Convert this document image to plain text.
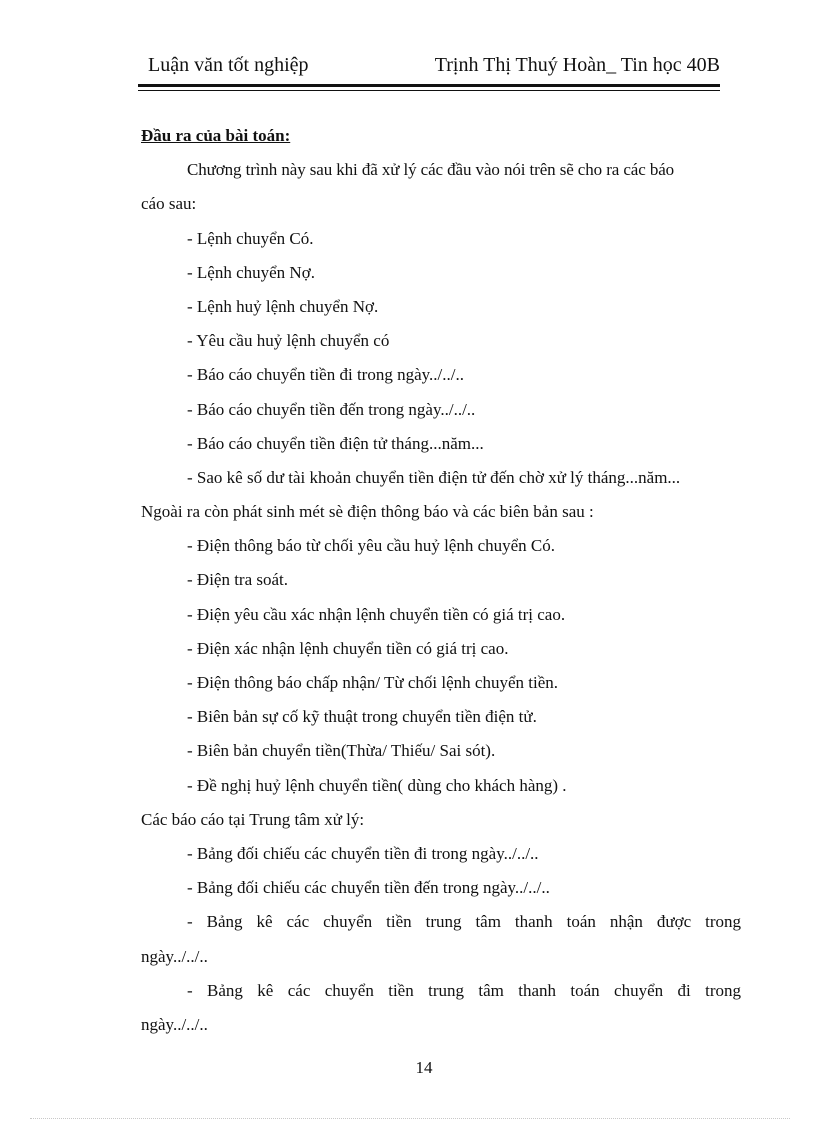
Luận văn tốt nghiệp	Trịnh Thị Thuý Hoàn_ Tin học 40B
Đầu ra của bài toán:
Chương trình này sau khi đã xử lý các đầu vào nói trên sẽ cho ra các báo
cáo sau:
- Lệnh chuyển Có.
- Lệnh chuyển Nợ.
- Lệnh huỷ lệnh chuyển Nợ.
- Yêu cầu huỷ lệnh chuyển có
- Báo cáo chuyển tiền đi trong ngày../../..
- Báo cáo chuyển tiền đến trong ngày../../..
- Báo cáo chuyển tiền điện tử tháng...năm...
- Sao kê số dư tài khoản chuyển tiền điện tử đến chờ xử lý tháng...năm...
Ngoài ra còn phát sinh mét sè điện thông báo và các biên bản sau :
- Điện thông báo từ chối yêu cầu huỷ lệnh chuyển Có.
- Điện tra soát.
- Điện yêu cầu xác nhận lệnh chuyển tiền có giá trị cao.
- Điện xác nhận lệnh chuyển tiền có giá trị cao.
- Điện thông báo chấp nhận/ Từ chối lệnh chuyển tiền.
- Biên bản sự cố kỹ thuật trong chuyển tiền điện tử.
- Biên bản chuyển tiền(Thừa/ Thiếu/ Sai sót).
- Đề nghị huỷ lệnh chuyển tiền( dùng cho khách hàng) .
Các báo cáo tại Trung tâm xử lý:
- Bảng đối chiếu các chuyển tiền đi trong ngày../../..
- Bảng đối chiếu các chuyển tiền đến trong ngày../../..
- Bảng kê các chuyển tiền trung tâm thanh toán nhận được trong
ngày../../..
- Bảng kê các chuyển tiền trung tâm thanh toán chuyển đi trong
ngày../../..
14
